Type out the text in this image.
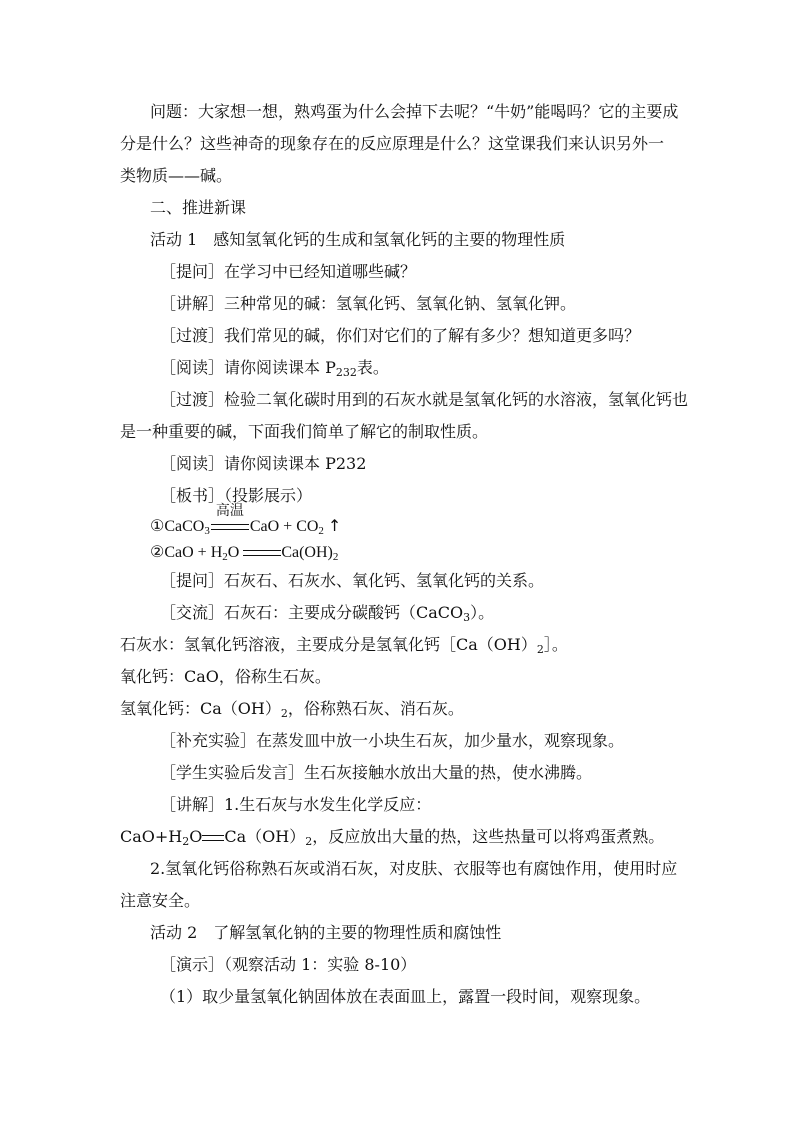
问题：大家想一想，熟鸡蛋为什么会掉下去呢？“牛奶”能喝吗？它的主要成
分是什么？这些神奇的现象存在的反应原理是什么？这堂课我们来认识另外一
类物质——碱。
二、推进新课
活动 1　感知氢氧化钙的生成和氢氧化钙的主要的物理性质
［提问］在学习中已经知道哪些碱？
［讲解］三种常见的碱：氢氧化钙、氢氧化钠、氢氧化钾。
［过渡］我们常见的碱，你们对它们的了解有多少？想知道更多吗？
［阅读］请你阅读课本 $P_{232}$表。
［过渡］检验二氧化碳时用到的石灰水就是氢氧化钙的水溶液，氢氧化钙也
是一种重要的碱，下面我们简单了解它的制取性质。
［阅读］请你阅读课本 P232
［板书］（投影展示）
①CaCO$_3$
高温
CaO + $CO_2$ ↑
②CaO + $H_2O$	$Ca(OH)_2$
［提问］石灰石、石灰水、氧化钙、氢氧化钙的关系。
［交流］石灰石：主要成分碳酸钙（CaCO$_3$）。
石灰水：氢氧化钙溶液，主要成分是氢氧化钙$[Ca(OH)_2]$。
氧化钙：CaO，俗称生石灰。
氢氧化钙：$Ca(OH)_2$，俗称熟石灰、消石灰。
［补充实验］在蒸发皿中放一小块生石灰，加少量水，观察现象。
［学生实验后发言］生石灰接触水放出大量的热，使水沸腾。
［讲解］1.生石灰与水发生化学反应：
$CaO+H_2O$ $Ca(OH)_2$，反应放出大量的热，这些热量可以将鸡蛋煮熟。
2.氢氧化钙俗称熟石灰或消石灰，对皮肤、衣服等也有腐蚀作用，使用时应
注意安全。
活动 2　了解氢氧化钠的主要的物理性质和腐蚀性
［演示］（观察活动 1：实验 8-10）
（1）取少量氢氧化钠固体放在表面皿上，露置一段时间，观察现象。
